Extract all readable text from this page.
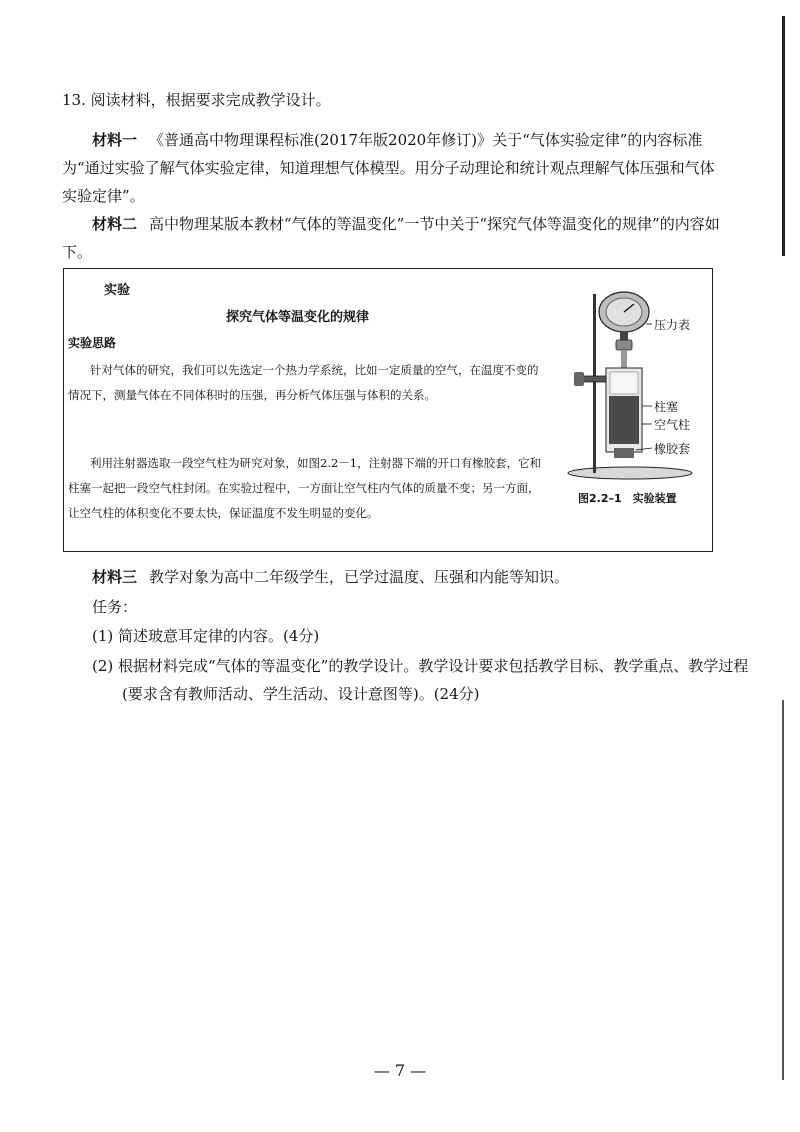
13. 阅读材料，根据要求完成教学设计。
材料一 《普通高中物理课程标准(2017年版2020年修订)》关于“气体实验定律”的内容标准为“通过实验了解气体实验定律，知道理想气体模型。用分子动理论和统计观点理解气体压强和气体实验定律”。
材料二 高中物理某版本教材“气体的等温变化”一节中关于“探究气体等温变化的规律”的内容如下。
实验
探究气体等温变化的规律
实验思路
针对气体的研究，我们可以先选定一个热力学系统，比如一定质量的空气，在温度不变的情况下，测量气体在不同体积时的压强，再分析气体压强与体积的关系。
利用注射器选取一段空气柱为研究对象，如图2.2－1，注射器下端的开口有橡胶套，它和柱塞一起把一段空气柱封闭。在实验过程中，一方面让空气柱内气体的质量不变；另一方面，让空气柱的体积变化不要太快，保证温度不发生明显的变化。
压力表
柱塞
空气柱
橡胶套
图2.2–1　实验装置
材料三 教学对象为高中二年级学生，已学过温度、压强和内能等知识。
任务：
(1) 简述玻意耳定律的内容。(4分)
(2) 根据材料完成“气体的等温变化”的教学设计。教学设计要求包括教学目标、教学重点、教学过程(要求含有教师活动、学生活动、设计意图等)。(24分)
— 7 —
